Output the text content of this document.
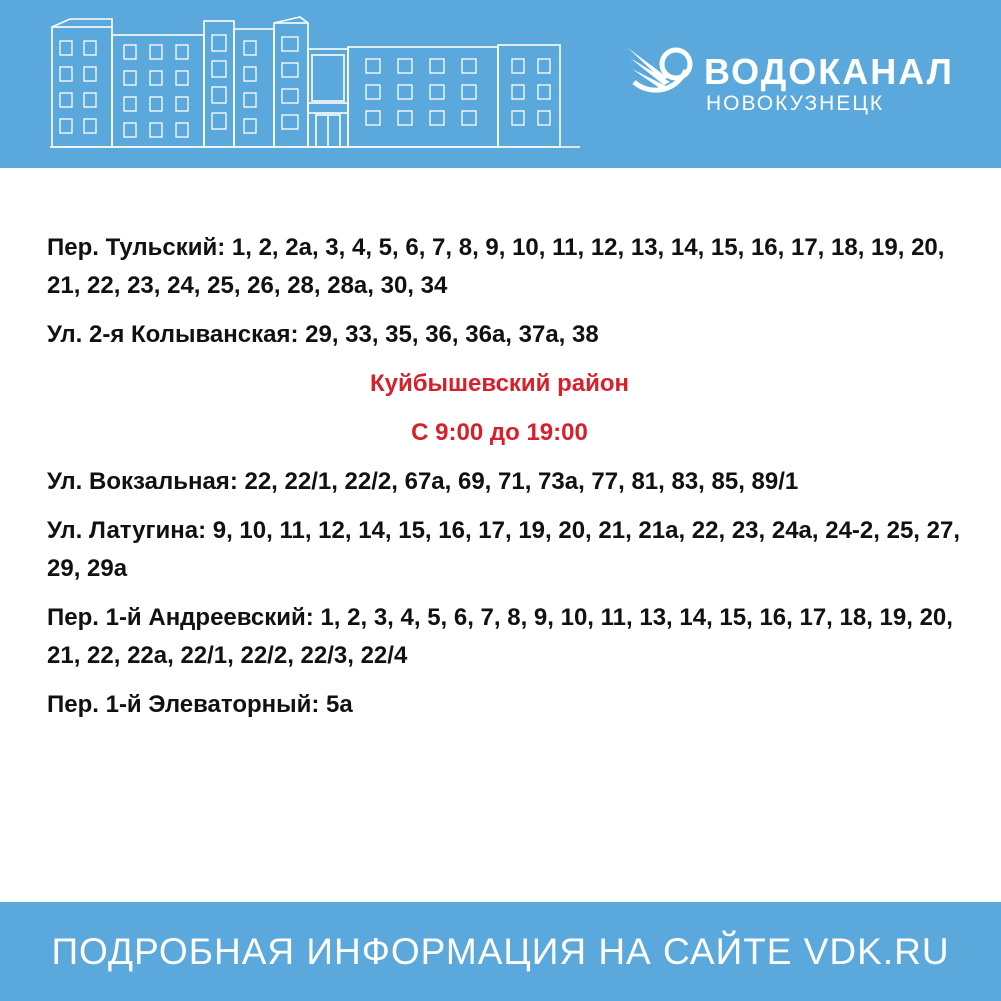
ВОДОКАНАЛ
НОВОКУЗНЕЦК

Пер. Тульский: 1, 2, 2а, 3, 4, 5, 6, 7, 8, 9, 10, 11, 12, 13, 14, 15, 16, 17, 18, 19, 20, 21, 22, 23, 24, 25, 26, 28, 28а, 30, 34

Ул. 2-я Колыванская: 29, 33, 35, 36, 36а, 37а, 38

Куйбышевский район

С 9:00 до 19:00

Ул. Вокзальная: 22, 22/1, 22/2, 67а, 69, 71, 73а, 77, 81, 83, 85, 89/1

Ул. Латугина: 9, 10, 11, 12, 14, 15, 16, 17, 19, 20, 21, 21а, 22, 23, 24а, 24-2, 25, 27, 29, 29а

Пер. 1-й Андреевский: 1, 2, 3, 4, 5, 6, 7, 8, 9, 10, 11, 13, 14, 15, 16, 17, 18, 19, 20, 21, 22, 22а, 22/1, 22/2, 22/3, 22/4

Пер. 1-й Элеваторный: 5а

ПОДРОБНАЯ ИНФОРМАЦИЯ НА САЙТЕ VDK.RU
